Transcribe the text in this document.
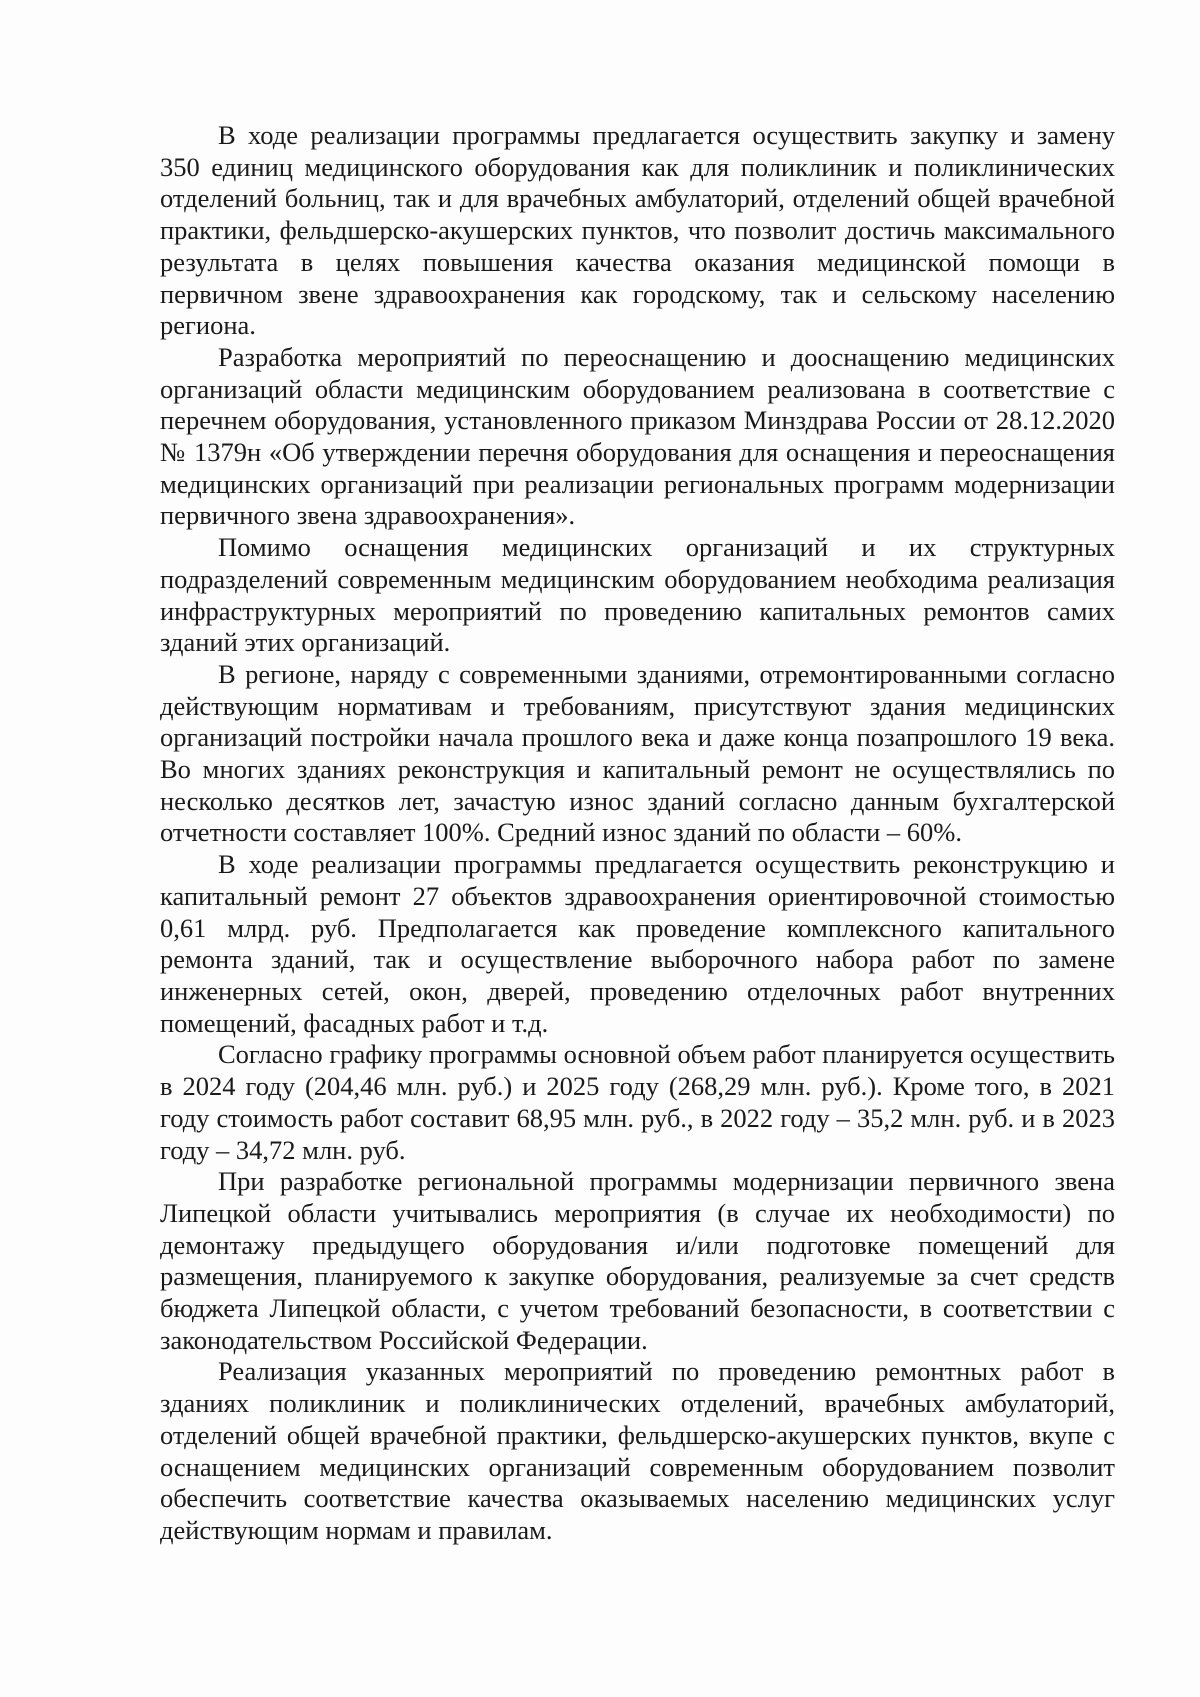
В ходе реализации программы предлагается осуществить закупку и замену 350 единиц медицинского оборудования как для поликлиник и поликлинических отделений больниц, так и для врачебных амбулаторий, отделений общей врачебной практики, фельдшерско-акушерских пунктов, что позволит достичь максимального результата в целях повышения качества оказания медицинской помощи в первичном звене здравоохранения как городскому, так и сельскому населению региона.

Разработка мероприятий по переоснащению и дооснащению медицинских организаций области медицинским оборудованием реализована в соответствие с перечнем оборудования, установленного приказом Минздрава России от 28.12.2020 № 1379н «Об утверждении перечня оборудования для оснащения и переоснащения медицинских организаций при реализации региональных программ модернизации первичного звена здравоохранения».

Помимо оснащения медицинских организаций и их структурных подразделений современным медицинским оборудованием необходима реализация инфраструктурных мероприятий по проведению капитальных ремонтов самих зданий этих организаций.

В регионе, наряду с современными зданиями, отремонтированными согласно действующим нормативам и требованиям, присутствуют здания медицинских организаций постройки начала прошлого века и даже конца позапрошлого 19 века. Во многих зданиях реконструкция и капитальный ремонт не осуществлялись по несколько десятков лет, зачастую износ зданий согласно данным бухгалтерской отчетности составляет 100%. Средний износ зданий по области – 60%.

В ходе реализации программы предлагается осуществить реконструкцию и капитальный ремонт 27 объектов здравоохранения ориентировочной стоимостью 0,61 млрд. руб. Предполагается как проведение комплексного капитального ремонта зданий, так и осуществление выборочного набора работ по замене инженерных сетей, окон, дверей, проведению отделочных работ внутренних помещений, фасадных работ и т.д.

Согласно графику программы основной объем работ планируется осуществить в 2024 году (204,46 млн. руб.) и 2025 году (268,29 млн. руб.). Кроме того, в 2021 году стоимость работ составит 68,95 млн. руб., в 2022 году – 35,2 млн. руб. и в 2023 году – 34,72 млн. руб.

При разработке региональной программы модернизации первичного звена Липецкой области учитывались мероприятия (в случае их необходимости) по демонтажу предыдущего оборудования и/или подготовке помещений для размещения, планируемого к закупке оборудования, реализуемые за счет средств бюджета Липецкой области, с учетом требований безопасности, в соответствии с законодательством Российской Федерации.

Реализация указанных мероприятий по проведению ремонтных работ в зданиях поликлиник и поликлинических отделений, врачебных амбулаторий, отделений общей врачебной практики, фельдшерско-акушерских пунктов, вкупе с оснащением медицинских организаций современным оборудованием позволит обеспечить соответствие качества оказываемых населению медицинских услуг действующим нормам и правилам.
